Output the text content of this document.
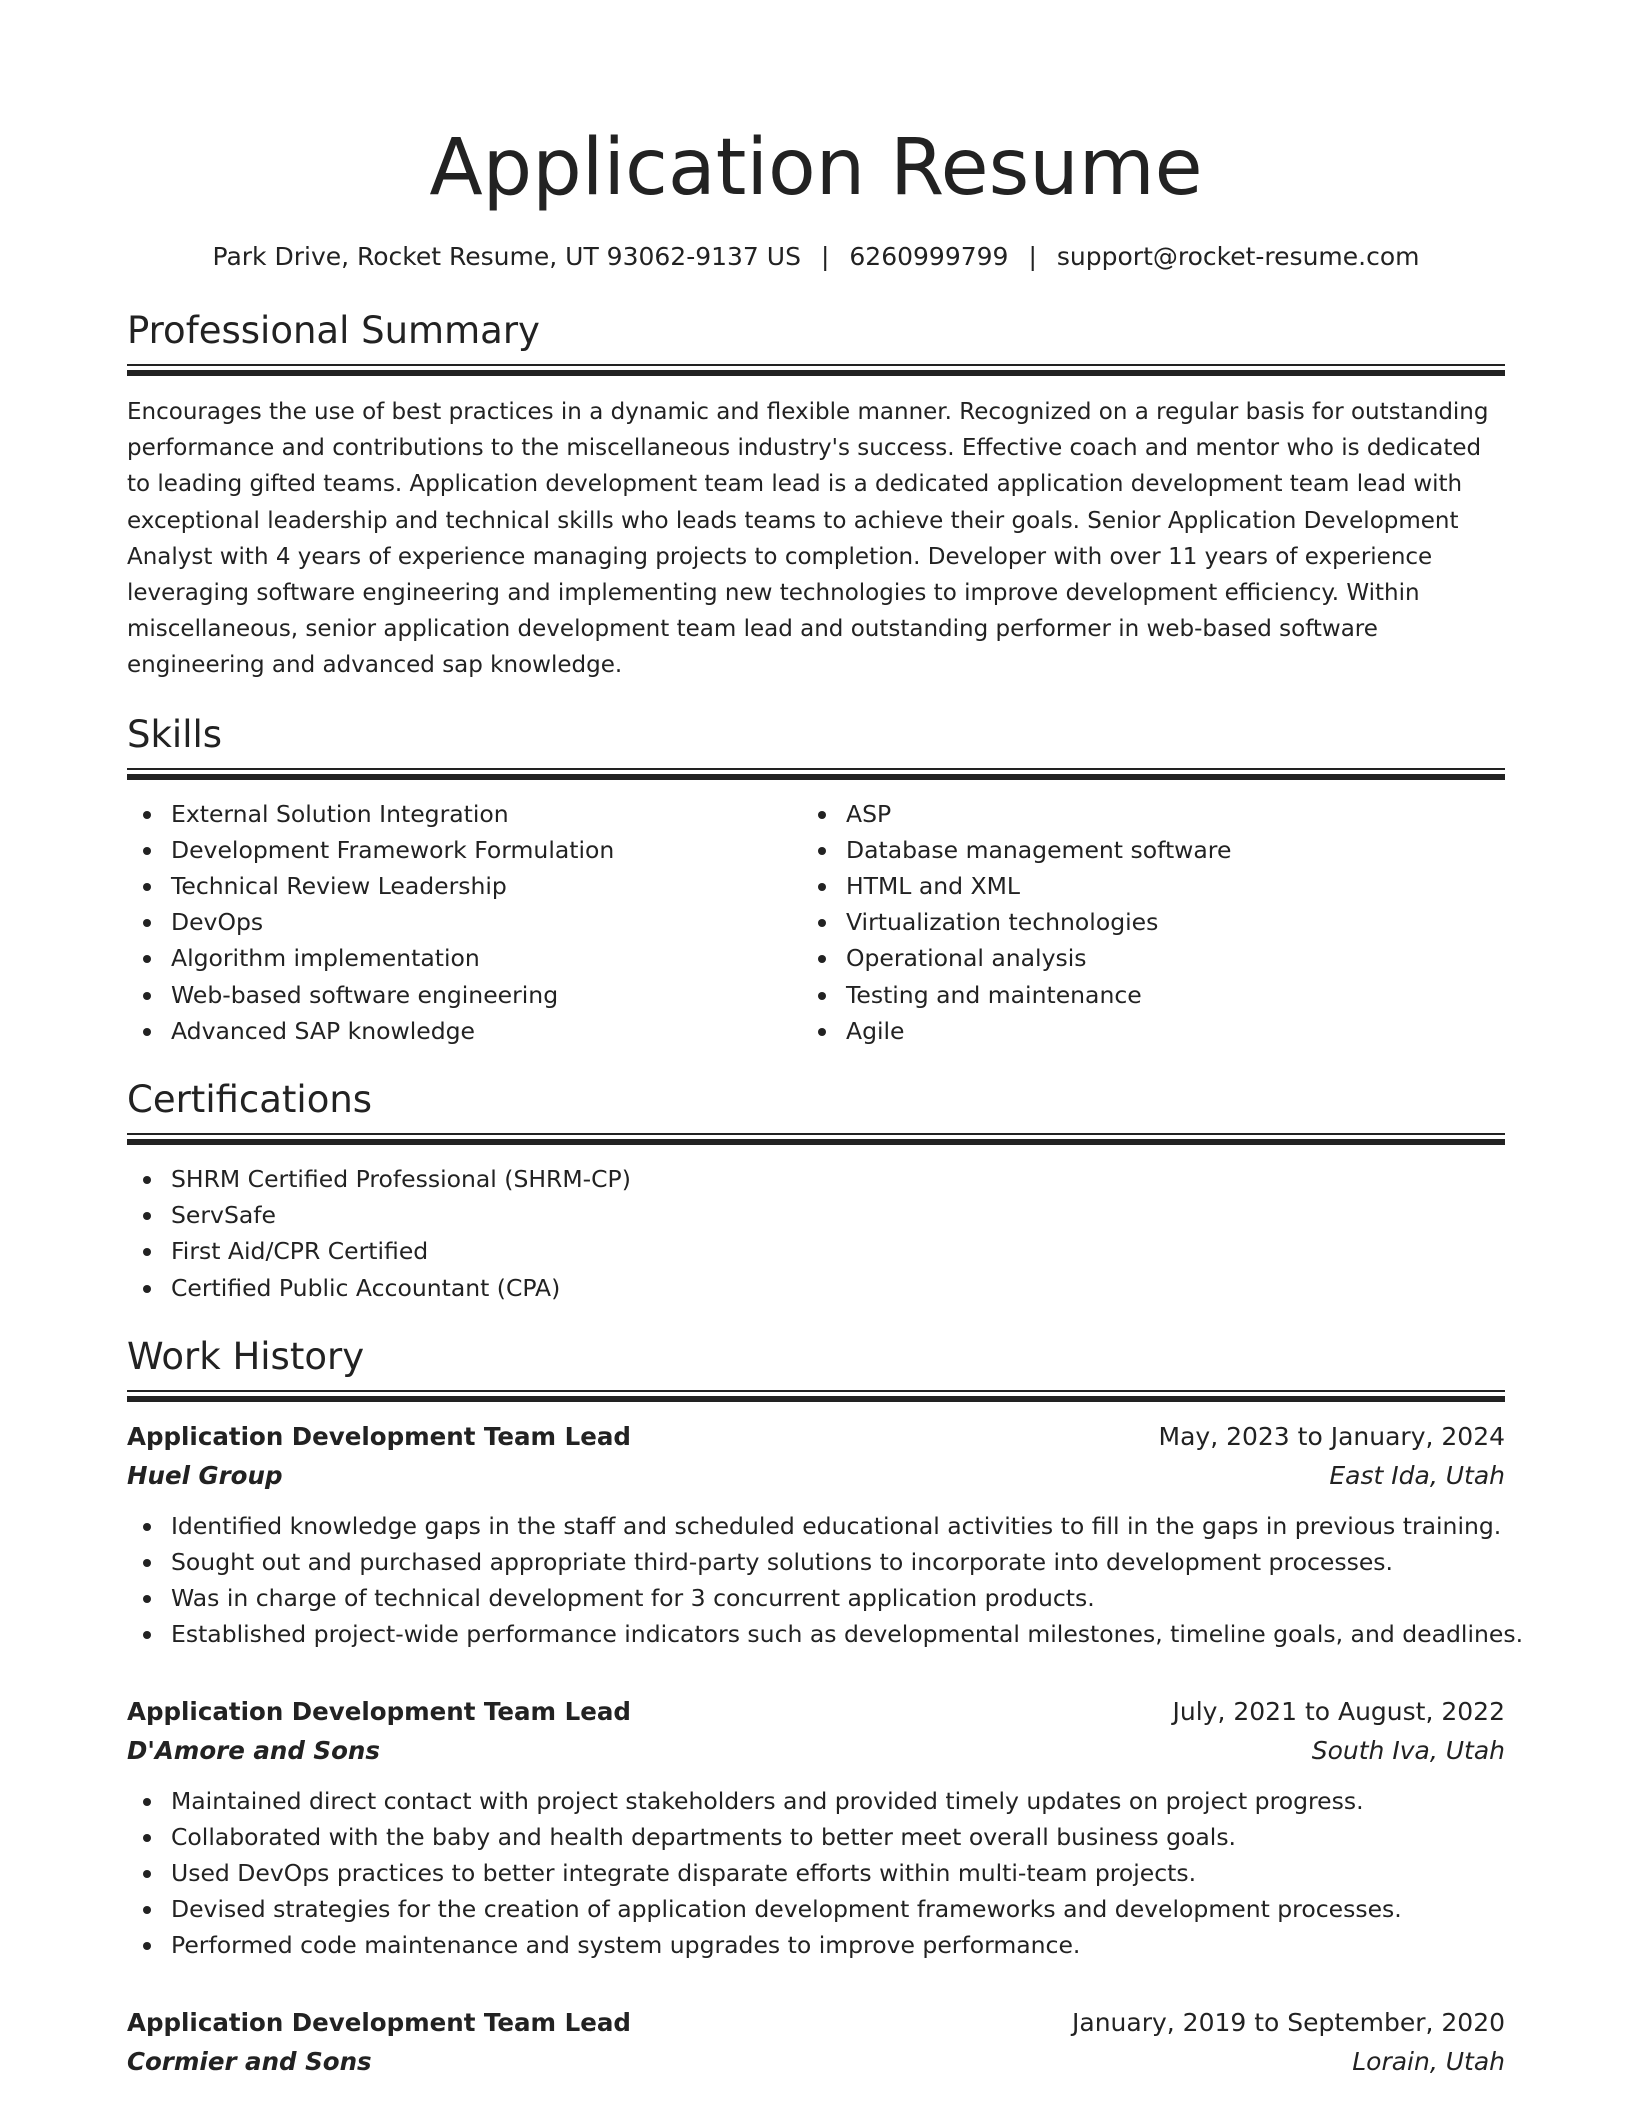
Application Resume
Park Drive, Rocket Resume, UT 93062-9137 US | 6260999799 | support@rocket-resume.com
Professional Summary
Encourages the use of best practices in a dynamic and flexible manner. Recognized on a regular basis for outstanding performance and contributions to the miscellaneous industry's success. Effective coach and mentor who is dedicated to leading gifted teams. Application development team lead is a dedicated application development team lead with exceptional leadership and technical skills who leads teams to achieve their goals. Senior Application Development Analyst with 4 years of experience managing projects to completion. Developer with over 11 years of experience leveraging software engineering and implementing new technologies to improve development efficiency. Within miscellaneous, senior application development team lead and outstanding performer in web-based software engineering and advanced sap knowledge.
Skills
External Solution Integration
Development Framework Formulation
Technical Review Leadership
DevOps
Algorithm implementation
Web-based software engineering
Advanced SAP knowledge
ASP
Database management software
HTML and XML
Virtualization technologies
Operational analysis
Testing and maintenance
Agile
Certifications
SHRM Certified Professional (SHRM-CP)
ServSafe
First Aid/CPR Certified
Certified Public Accountant (CPA)
Work History
Application Development Team Lead	May, 2023 to January, 2024
Huel Group	East Ida, Utah
Identified knowledge gaps in the staff and scheduled educational activities to fill in the gaps in previous training.
Sought out and purchased appropriate third-party solutions to incorporate into development processes.
Was in charge of technical development for 3 concurrent application products.
Established project-wide performance indicators such as developmental milestones, timeline goals, and deadlines.
Application Development Team Lead	July, 2021 to August, 2022
D'Amore and Sons	South Iva, Utah
Maintained direct contact with project stakeholders and provided timely updates on project progress.
Collaborated with the baby and health departments to better meet overall business goals.
Used DevOps practices to better integrate disparate efforts within multi-team projects.
Devised strategies for the creation of application development frameworks and development processes.
Performed code maintenance and system upgrades to improve performance.
Application Development Team Lead	January, 2019 to September, 2020
Cormier and Sons	Lorain, Utah
